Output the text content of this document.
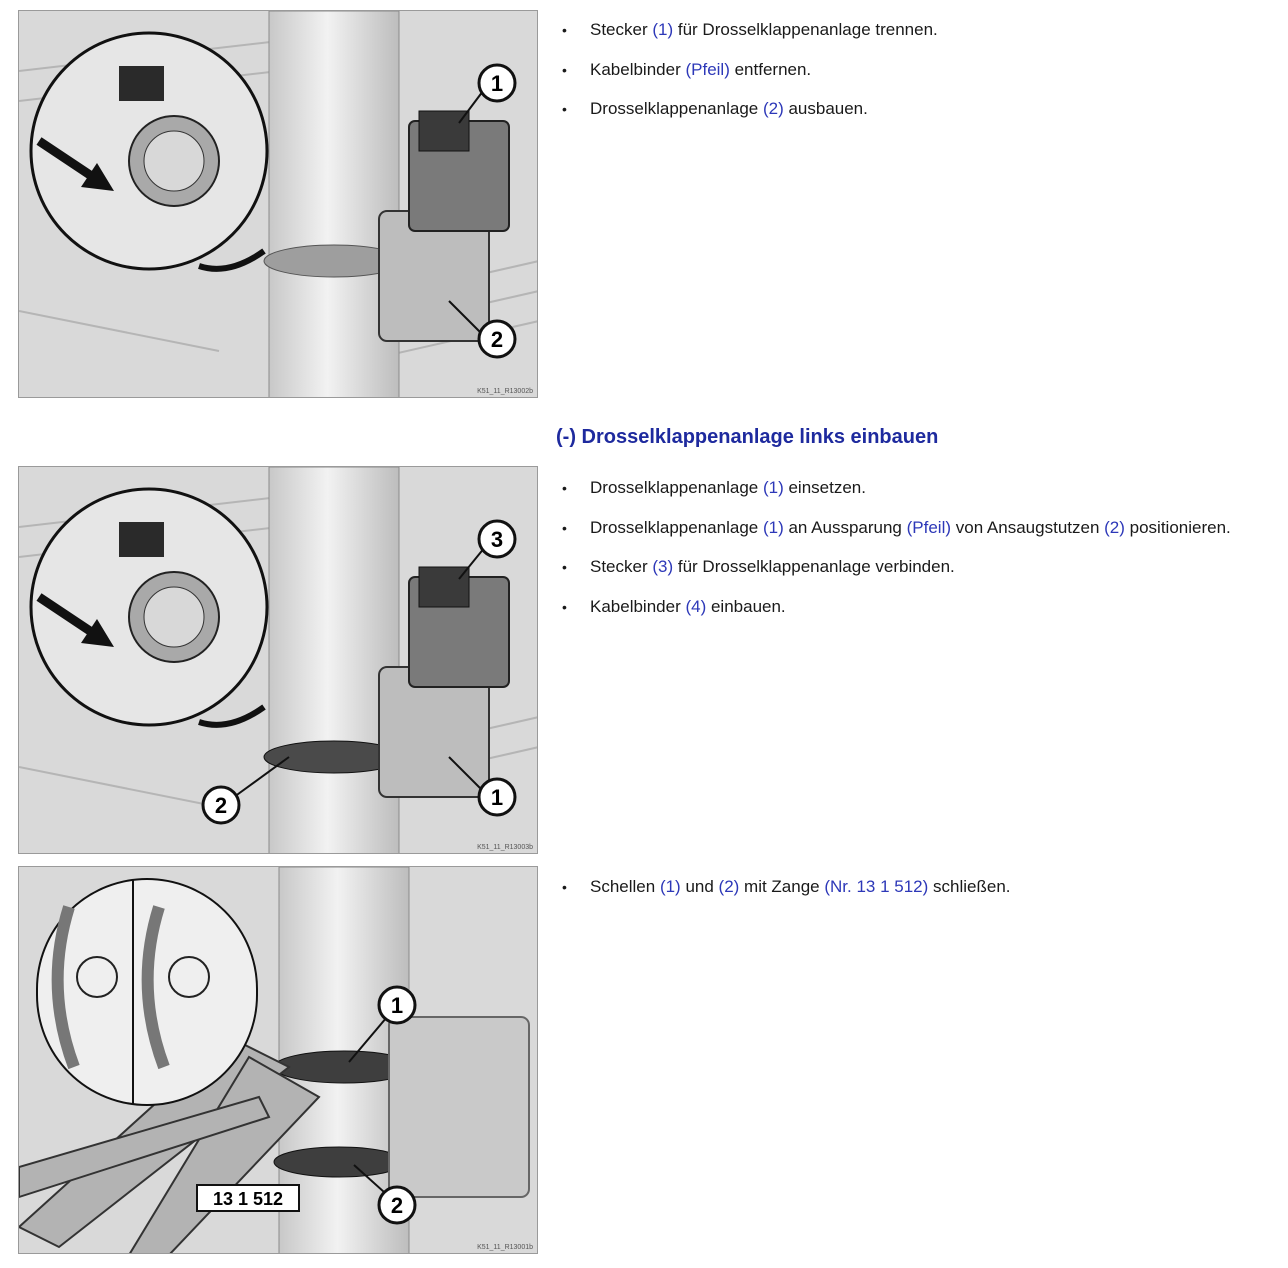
1
2
K51_11_R13002b
3
2	1
K51_11_R13003b
1
2
13 1 512
K51_11_R13001b
• Stecker (1) für Drosselklappenanlage trennen.
• Kabelbinder (Pfeil) entfernen.
• Drosselklappenanlage (2) ausbauen.
(-) Drosselklappenanlage links einbauen
• Drosselklappenanlage (1) einsetzen.
• Drosselklappenanlage (1) an Aussparung (Pfeil) von Ansaugstutzen (2) positionieren.
• Stecker (3) für Drosselklappenanlage verbinden.
• Kabelbinder (4) einbauen.
• Schellen (1) und (2) mit Zange (Nr. 13 1 512) schließen.
